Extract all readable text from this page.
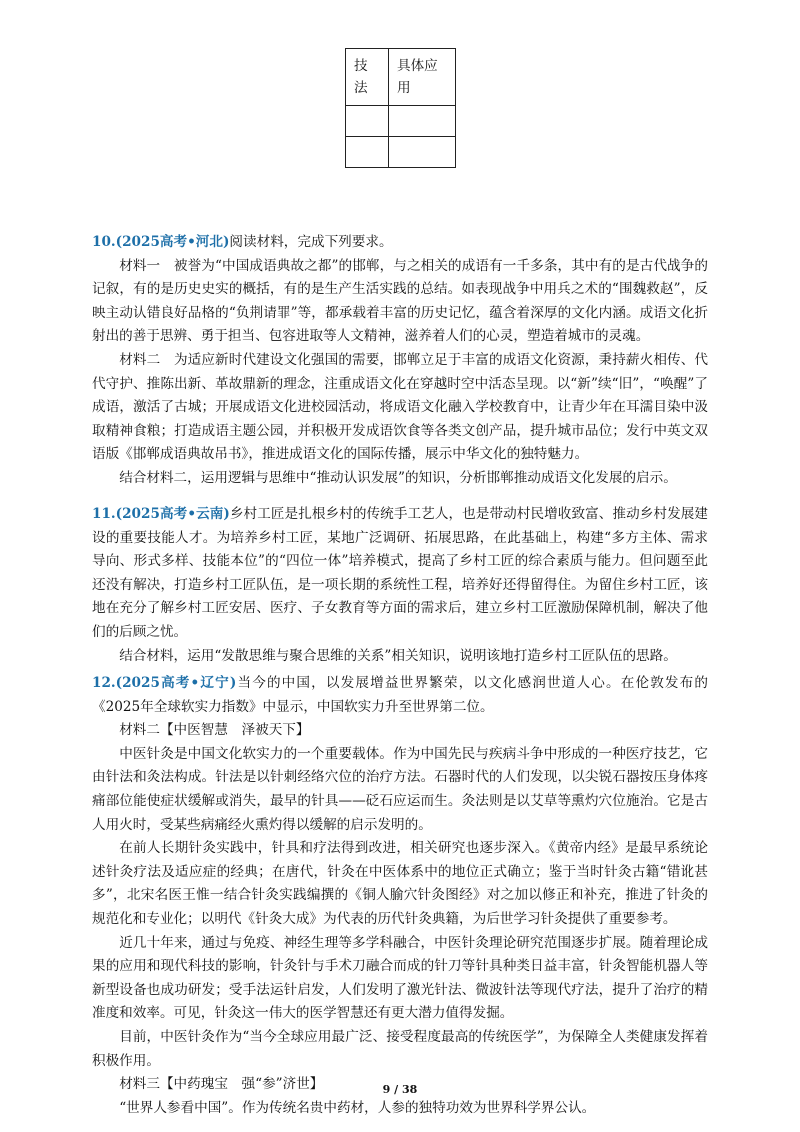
技法	具体应用

10.(2025高考•河北)阅读材料，完成下列要求。

材料一　被誉为“中国成语典故之都”的邯郸，与之相关的成语有一千多条，其中有的是古代战争的记叙，有的是历史史实的概括，有的是生产生活实践的总结。如表现战争中用兵之术的“围魏救赵”，反映主动认错良好品格的“负荆请罪”等，都承载着丰富的历史记忆，蕴含着深厚的文化内涵。成语文化折射出的善于思辨、勇于担当、包容进取等人文精神，滋养着人们的心灵，塑造着城市的灵魂。

材料二　为适应新时代建设文化强国的需要，邯郸立足于丰富的成语文化资源，秉持薪火相传、代代守护、推陈出新、革故鼎新的理念，注重成语文化在穿越时空中活态呈现。以“新”续“旧”，“唤醒”了成语，激活了古城；开展成语文化进校园活动，将成语文化融入学校教育中，让青少年在耳濡目染中汲取精神食粮；打造成语主题公园，并积极开发成语饮食等各类文创产品，提升城市品位；发行中英文双语版《邯郸成语典故吊书》，推进成语文化的国际传播，展示中华文化的独特魅力。

结合材料二，运用逻辑与思维中“推动认识发展”的知识，分析邯郸推动成语文化发展的启示。

11.(2025高考•云南)乡村工匠是扎根乡村的传统手工艺人，也是带动村民增收致富、推动乡村发展建设的重要技能人才。为培养乡村工匠，某地广泛调研、拓展思路，在此基础上，构建“多方主体、需求导向、形式多样、技能本位”的“四位一体”培养模式，提高了乡村工匠的综合素质与能力。但问题至此还没有解决，打造乡村工匠队伍，是一项长期的系统性工程，培养好还得留得住。为留住乡村工匠，该地在充分了解乡村工匠安居、医疗、子女教育等方面的需求后，建立乡村工匠激励保障机制，解决了他们的后顾之忧。

结合材料，运用“发散思维与聚合思维的关系”相关知识，说明该地打造乡村工匠队伍的思路。

12.(2025高考•辽宁)当今的中国，以发展增益世界繁荣，以文化感润世道人心。在伦敦发布的《2025年全球软实力指数》中显示，中国软实力升至世界第二位。

材料二【中医智慧　泽被天下】

中医针灸是中国文化软实力的一个重要载体。作为中国先民与疾病斗争中形成的一种医疗技艺，它由针法和灸法构成。针法是以针刺经络穴位的治疗方法。石器时代的人们发现，以尖锐石器按压身体疼痛部位能使症状缓解或消失，最早的针具——砭石应运而生。灸法则是以艾草等熏灼穴位施治。它是古人用火时，受某些病痛经火熏灼得以缓解的启示发明的。

在前人长期针灸实践中，针具和疗法得到改进，相关研究也逐步深入。《黄帝内经》是最早系统论述针灸疗法及适应症的经典；在唐代，针灸在中医体系中的地位正式确立；鉴于当时针灸古籍“错讹甚多”，北宋名医王惟一结合针灸实践编撰的《铜人腧穴针灸图经》对之加以修正和补充，推进了针灸的规范化和专业化；以明代《针灸大成》为代表的历代针灸典籍，为后世学习针灸提供了重要参考。

近几十年来，通过与免疫、神经生理等多学科融合，中医针灸理论研究范围逐步扩展。随着理论成果的应用和现代科技的影响，针灸针与手术刀融合而成的针刀等针具种类日益丰富，针灸智能机器人等新型设备也成功研发；受手法运针启发，人们发明了激光针法、微波针法等现代疗法，提升了治疗的精准度和效率。可见，针灸这一伟大的医学智慧还有更大潜力值得发掘。

目前，中医针灸作为“当今全球应用最广泛、接受程度最高的传统医学”，为保障全人类健康发挥着积极作用。

材料三【中药瑰宝　强“参”济世】

“世界人参看中国”。作为传统名贵中药材，人参的独特功效为世界科学界公认。

9 / 38
